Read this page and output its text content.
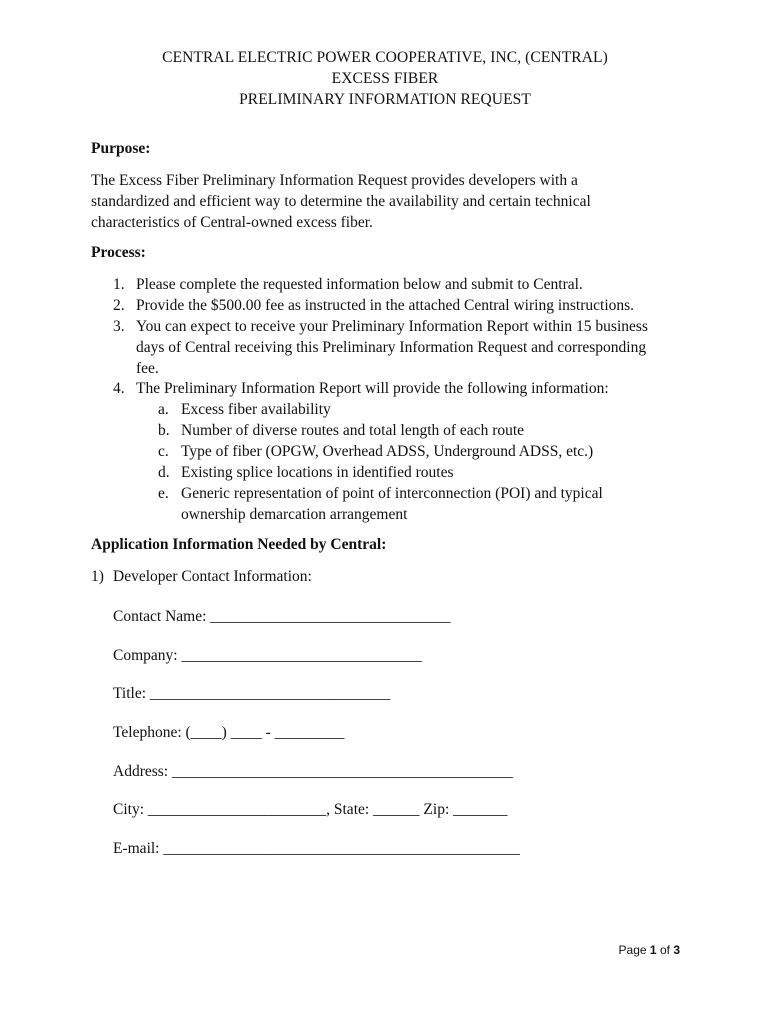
CENTRAL ELECTRIC POWER COOPERATIVE, INC, (CENTRAL)
EXCESS FIBER
PRELIMINARY INFORMATION REQUEST
Purpose:
The Excess Fiber Preliminary Information Request provides developers with a
standardized and efficient way to determine the availability and certain technical
characteristics of Central-owned excess fiber.
Process:
1. Please complete the requested information below and submit to Central.
2. Provide the $500.00 fee as instructed in the attached Central wiring instructions.
3. You can expect to receive your Preliminary Information Report within 15 business
days of Central receiving this Preliminary Information Request and corresponding
fee.
4. The Preliminary Information Report will provide the following information:
a. Excess fiber availability
b. Number of diverse routes and total length of each route
c. Type of fiber (OPGW, Overhead ADSS, Underground ADSS, etc.)
d. Existing splice locations in identified routes
e. Generic representation of point of interconnection (POI) and typical
ownership demarcation arrangement
Application Information Needed by Central:
1) Developer Contact Information:
Contact Name: _______________________________
Company: _______________________________
Title: _______________________________
Telephone: (____) ____ - _________
Address: ____________________________________________
City: _______________________, State: ______ Zip: _______
E-mail: ______________________________________________
Page 1 of 3
